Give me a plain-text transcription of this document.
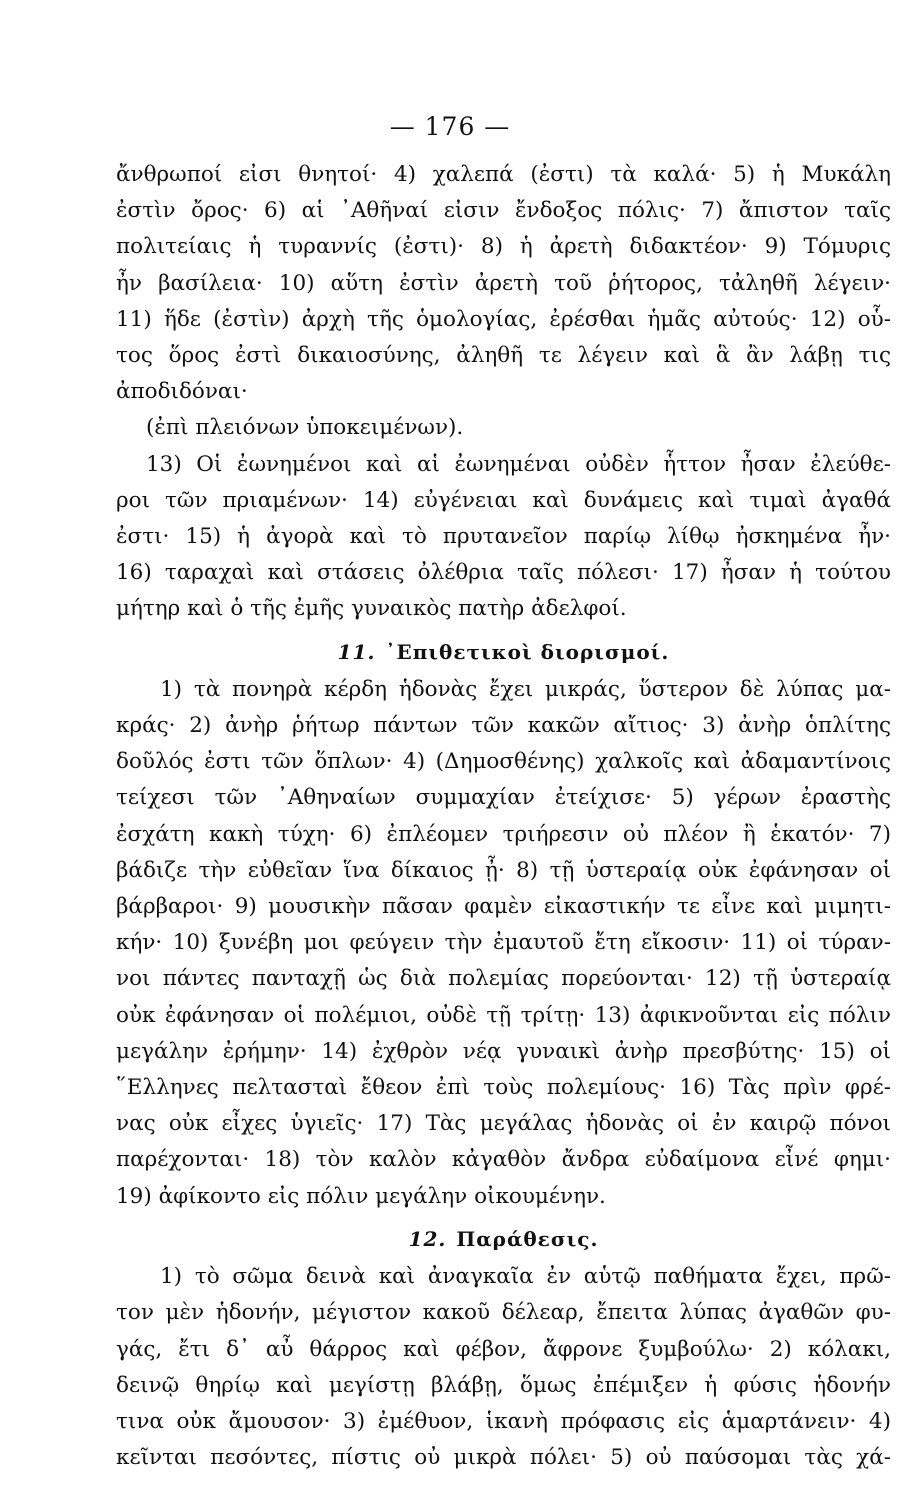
— 176 —
ἄνθρωποί εἰσι θνητοί· 4) χαλεπά (ἐστι) τὰ καλά· 5) ἡ Μυκάλη
ἐστὶν ὄρος· 6) αἱ ᾿Αθῆναί εἰσιν ἔνδοξος πόλις· 7) ἄπιστον ταῖς
πολιτείαις ἡ τυραννίς (ἐστι)· 8) ἡ ἀρετὴ διδακτέον· 9) Τόμυρις
ἦν βασίλεια· 10) αὕτη ἐστὶν ἀρετὴ τοῦ ῥήτορος, τἀληθῆ λέγειν·
11) ἥδε (ἐστὶν) ἀρχὴ τῆς ὁμολογίας, ἐρέσθαι ἡμᾶς αὐτούς· 12) οὗ-
τος ὅρος ἐστὶ δικαιοσύνης, ἀληθῆ τε λέγειν καὶ ἃ ἂν λάβῃ τις
ἀποδιδόναι·
(ἐπὶ πλειόνων ὑποκειμένων).
13) Οἱ ἐωνημένοι καὶ αἱ ἐωνημέναι οὐδὲν ἧττον ἦσαν ἐλεύθε-
ροι τῶν πριαμένων· 14) εὐγένειαι καὶ δυνάμεις καὶ τιμαὶ ἀγαθά
ἐστι· 15) ἡ ἀγορὰ καὶ τὸ πρυτανεῖον παρίῳ λίθῳ ἠσκημένα ἦν·
16) ταραχαὶ καὶ στάσεις ὀλέθρια ταῖς πόλεσι· 17) ἦσαν ἡ τούτου
μήτηρ καὶ ὁ τῆς ἐμῆς γυναικὸς πατὴρ ἀδελφοί.
11. ᾿Επιθετικοὶ διορισμοί.
1) τὰ πονηρὰ κέρδη ἡδονὰς ἔχει μικράς, ὕστερον δὲ λύπας μα-
κράς· 2) ἀνὴρ ῥήτωρ πάντων τῶν κακῶν αἴτιος· 3) ἀνὴρ ὁπλίτης
δοῦλός ἐστι τῶν ὅπλων· 4) (Δημοσθένης) χαλκοῖς καὶ ἀδαμαντίνοις
τείχεσι τῶν ᾿Αθηναίων συμμαχίαν ἐτείχισε· 5) γέρων ἐραστὴς
ἐσχάτη κακὴ τύχη· 6) ἐπλέομεν τριήρεσιν οὐ πλέον ἢ ἑκατόν· 7)
βάδιζε τὴν εὐθεῖαν ἵνα δίκαιος ᾖ· 8) τῇ ὑστεραίᾳ οὐκ ἐφάνησαν οἱ
βάρβαροι· 9) μουσικὴν πᾶσαν φαμὲν εἰκαστικήν τε εἶνε καὶ μιμητι-
κήν· 10) ξυνέβη μοι φεύγειν τὴν ἐμαυτοῦ ἔτη εἴκοσιν· 11) οἱ τύραν-
νοι πάντες πανταχῇ ὡς διὰ πολεμίας πορεύονται· 12) τῇ ὑστεραίᾳ
οὐκ ἐφάνησαν οἱ πολέμιοι, οὐδὲ τῇ τρίτῃ· 13) ἀφικνοῦνται εἰς πόλιν
μεγάλην ἐρήμην· 14) ἐχθρὸν νέᾳ γυναικὶ ἀνὴρ πρεσβύτης· 15) οἱ
῞Ελληνες πελτασταὶ ἔθεον ἐπὶ τοὺς πολεμίους· 16) Τὰς πρὶν φρέ-
νας οὐκ εἶχες ὑγιεῖς· 17) Τὰς μεγάλας ἡδονὰς οἱ ἐν καιρῷ πόνοι
παρέχονται· 18) τὸν καλὸν κἀγαθὸν ἄνδρα εὐδαίμονα εἶνέ φημι·
19) ἀφίκοντο εἰς πόλιν μεγάλην οἰκουμένην.
12. Παράθεσις.
1) τὸ σῶμα δεινὰ καὶ ἀναγκαῖα ἐν αὑτῷ παθήματα ἔχει, πρῶ-
τον μὲν ἡδονήν, μέγιστον κακοῦ δέλεαρ, ἔπειτα λύπας ἀγαθῶν φυ-
γάς, ἔτι δ᾿ αὖ θάρρος καὶ φέβον, ἄφρονε ξυμβούλω· 2) κόλακι,
δεινῷ θηρίῳ καὶ μεγίστῃ βλάβῃ, ὅμως ἐπέμιξεν ἡ φύσις ἡδονήν
τινα οὐκ ἄμουσον· 3) ἐμέθυον, ἱκανὴ πρόφασις εἰς ἁμαρτάνειν· 4)
κεῖνται πεσόντες, πίστις οὐ μικρὰ πόλει· 5) οὐ παύσομαι τὰς χά-
